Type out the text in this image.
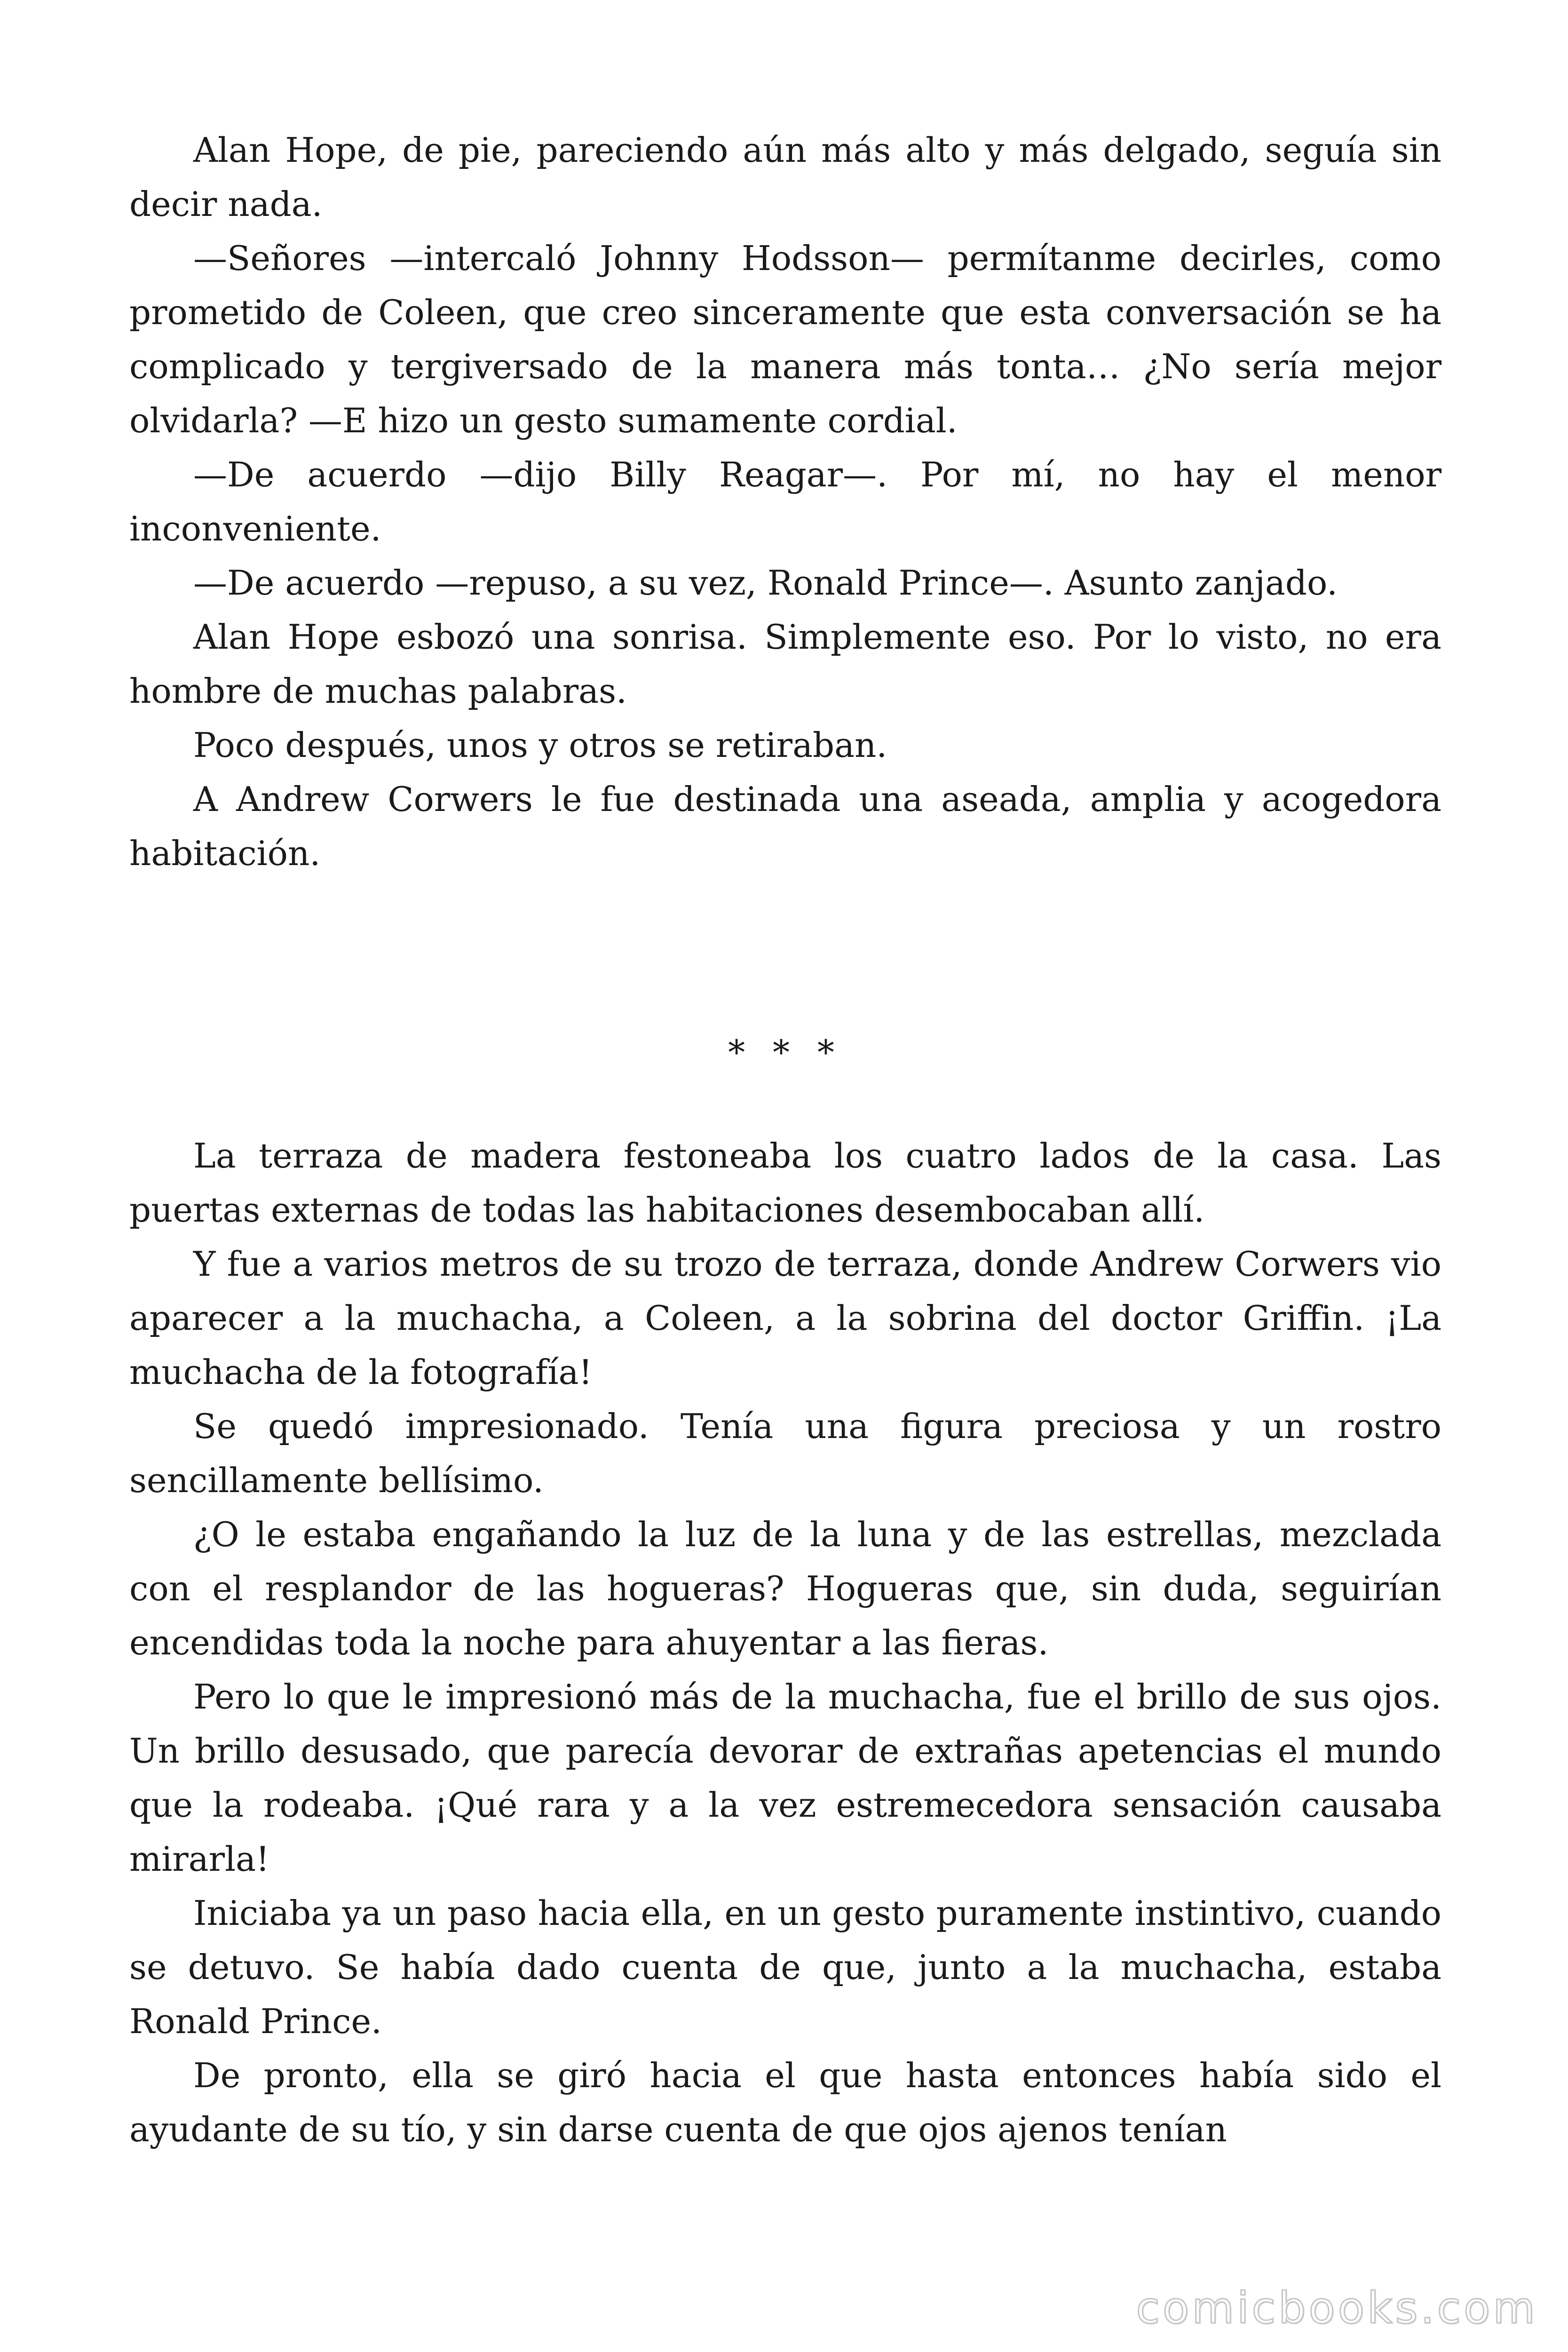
Alan Hope, de pie, pareciendo aún más alto y más delgado, seguía sin decir nada.

—Señores —intercaló Johnny Hodsson— permítanme decirles, como prometido de Coleen, que creo sinceramente que esta conversación se ha complicado y tergiversado de la manera más tonta… ¿No sería mejor olvidarla? —E hizo un gesto sumamente cordial.

—De acuerdo —dijo Billy Reagar—. Por mí, no hay el menor inconveniente.

—De acuerdo —repuso, a su vez, Ronald Prince—. Asunto zanjado.

Alan Hope esbozó una sonrisa. Simplemente eso. Por lo visto, no era hombre de muchas palabras.

Poco después, unos y otros se retiraban.

A Andrew Corwers le fue destinada una aseada, amplia y acogedora habitación.

* * *

La terraza de madera festoneaba los cuatro lados de la casa. Las puertas externas de todas las habitaciones desembocaban allí.

Y fue a varios metros de su trozo de terraza, donde Andrew Corwers vio aparecer a la muchacha, a Coleen, a la sobrina del doctor Griffin. ¡La muchacha de la fotografía!

Se quedó impresionado. Tenía una figura preciosa y un rostro sencillamente bellísimo.

¿O le estaba engañando la luz de la luna y de las estrellas, mezclada con el resplandor de las hogueras? Hogueras que, sin duda, seguirían encendidas toda la noche para ahuyentar a las fieras.

Pero lo que le impresionó más de la muchacha, fue el brillo de sus ojos. Un brillo desusado, que parecía devorar de extrañas apetencias el mundo que la rodeaba. ¡Qué rara y a la vez estremecedora sensación causaba mirarla!

Iniciaba ya un paso hacia ella, en un gesto puramente instintivo, cuando se detuvo. Se había dado cuenta de que, junto a la muchacha, estaba Ronald Prince.

De pronto, ella se giró hacia el que hasta entonces había sido el ayudante de su tío, y sin darse cuenta de que ojos ajenos tenían

comicbooks.com
